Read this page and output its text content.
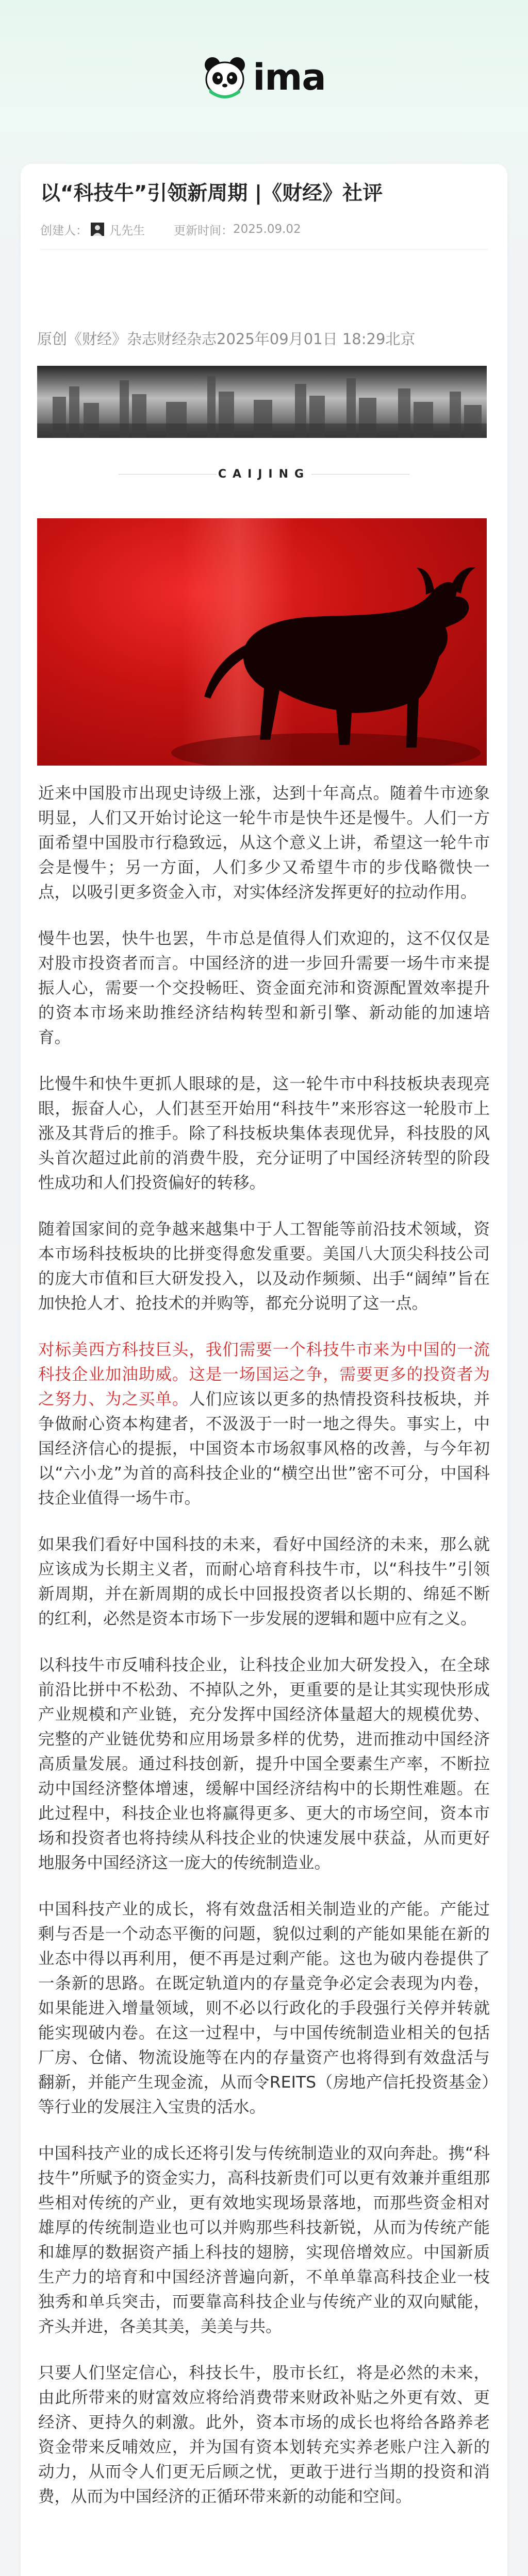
ima
以“科技牛”引领新周期 |《财经》社评
创建人： 凡先生 更新时间： 2025.09.02
原创《财经》杂志财经杂志2025年09月01日 18:29北京
CAIJING

近来中国股市出现史诗级上涨，达到十年高点。随着牛市迹象明显，人们又开始讨论这一轮牛市是快牛还是慢牛。人们一方面希望中国股市行稳致远，从这个意义上讲，希望这一轮牛市会是慢牛；另一方面，人们多少又希望牛市的步伐略微快一点，以吸引更多资金入市，对实体经济发挥更好的拉动作用。

慢牛也罢，快牛也罢，牛市总是值得人们欢迎的，这不仅仅是对股市投资者而言。中国经济的进一步回升需要一场牛市来提振人心，需要一个交投畅旺、资金面充沛和资源配置效率提升的资本市场来助推经济结构转型和新引擎、新动能的加速培育。

比慢牛和快牛更抓人眼球的是，这一轮牛市中科技板块表现亮眼，振奋人心，人们甚至开始用“科技牛”来形容这一轮股市上涨及其背后的推手。除了科技板块集体表现优异，科技股的风头首次超过此前的消费牛股，充分证明了中国经济转型的阶段性成功和人们投资偏好的转移。

随着国家间的竞争越来越集中于人工智能等前沿技术领域，资本市场科技板块的比拼变得愈发重要。美国八大顶尖科技公司的庞大市值和巨大研发投入，以及动作频频、出手“阔绰”旨在加快抢人才、抢技术的并购等，都充分说明了这一点。

对标美西方科技巨头，我们需要一个科技牛市来为中国的一流科技企业加油助威。这是一场国运之争，需要更多的投资者为之努力、为之买单。人们应该以更多的热情投资科技板块，并争做耐心资本构建者，不汲汲于一时一地之得失。事实上，中国经济信心的提振，中国资本市场叙事风格的改善，与今年初以“六小龙”为首的高科技企业的“横空出世”密不可分，中国科技企业值得一场牛市。

如果我们看好中国科技的未来，看好中国经济的未来，那么就应该成为长期主义者，而耐心培育科技牛市，以“科技牛”引领新周期，并在新周期的成长中回报投资者以长期的、绵延不断的红利，必然是资本市场下一步发展的逻辑和题中应有之义。

以科技牛市反哺科技企业，让科技企业加大研发投入，在全球前沿比拼中不松劲、不掉队之外，更重要的是让其实现快形成产业规模和产业链，充分发挥中国经济体量超大的规模优势、完整的产业链优势和应用场景多样的优势，进而推动中国经济高质量发展。通过科技创新，提升中国全要素生产率，不断拉动中国经济整体增速，缓解中国经济结构中的长期性难题。在此过程中，科技企业也将赢得更多、更大的市场空间，资本市场和投资者也将持续从科技企业的快速发展中获益，从而更好地服务中国经济这一庞大的传统制造业。

中国科技产业的成长，将有效盘活相关制造业的产能。产能过剩与否是一个动态平衡的问题，貌似过剩的产能如果能在新的业态中得以再利用，便不再是过剩产能。这也为破内卷提供了一条新的思路。在既定轨道内的存量竞争必定会表现为内卷，如果能进入增量领域，则不必以行政化的手段强行关停并转就能实现破内卷。在这一过程中，与中国传统制造业相关的包括厂房、仓储、物流设施等在内的存量资产也将得到有效盘活与翻新，并能产生现金流，从而令REITS（房地产信托投资基金）等行业的发展注入宝贵的活水。

中国科技产业的成长还将引发与传统制造业的双向奔赴。携“科技牛”所赋予的资金实力，高科技新贵们可以更有效兼并重组那些相对传统的产业，更有效地实现场景落地，而那些资金相对雄厚的传统制造业也可以并购那些科技新锐，从而为传统产能和雄厚的数据资产插上科技的翅膀，实现倍增效应。中国新质生产力的培育和中国经济普遍向新，不单单靠高科技企业一枝独秀和单兵突击，而要靠高科技企业与传统产业的双向赋能，齐头并进，各美其美，美美与共。

只要人们坚定信心，科技长牛，股市长红，将是必然的未来，由此所带来的财富效应将给消费带来财政补贴之外更有效、更经济、更持久的刺激。此外，资本市场的成长也将给各路养老资金带来反哺效应，并为国有资本划转充实养老账户注入新的动力，从而令人们更无后顾之忧，更敢于进行当期的投资和消费，从而为中国经济的正循环带来新的动能和空间。
